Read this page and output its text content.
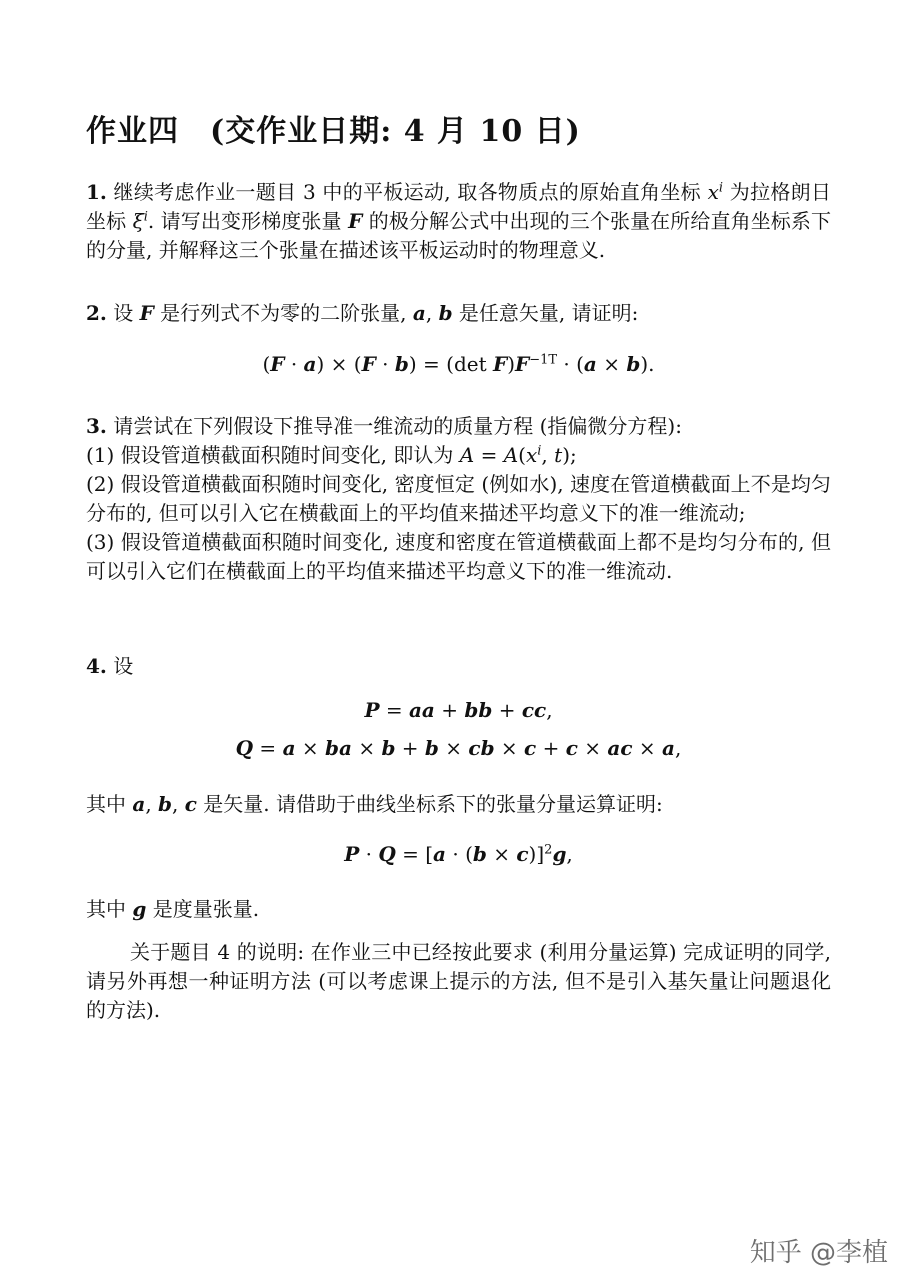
作业四　(交作业日期: 4 月 10 日)
1. 继续考虑作业一题目 3 中的平板运动, 取各物质点的原始直角坐标 $x^i$ 为拉格朗日坐标 $\xi^i$. 请写出变形梯度张量 F 的极分解公式中出现的三个张量在所给直角坐标系下的分量, 并解释这三个张量在描述该平板运动时的物理意义.
2. 设 F 是行列式不为零的二阶张量, a, b 是任意矢量, 请证明:
(F · a) × (F · b) = (det $F)F^{-1T} \cdot (a \times b)$.
3. 请尝试在下列假设下推导准一维流动的质量方程 (指偏微分方程):
(1) 假设管道横截面积随时间变化, 即认为 $A = A(x^i$, t);
(2) 假设管道横截面积随时间变化, 密度恒定 (例如水), 速度在管道横截面上不是均匀分布的, 但可以引入它在横截面上的平均值来描述平均意义下的准一维流动;
(3) 假设管道横截面积随时间变化, 速度和密度在管道横截面上都不是均匀分布的, 但可以引入它们在横截面上的平均值来描述平均意义下的准一维流动.
4. 设
P = aa + bb + cc,
Q = a × ba × b + b × cb × c + c × ac × a,
其中 a, b, c 是矢量. 请借助于曲线坐标系下的张量分量运算证明:
$P \cdot Q = [a \cdot (b \times c)]^2g$,
其中 g 是度量张量.
关于题目 4 的说明: 在作业三中已经按此要求 (利用分量运算) 完成证明的同学, 请另外再想一种证明方法 (可以考虑课上提示的方法, 但不是引入基矢量让问题退化的方法).
知乎 @李植
